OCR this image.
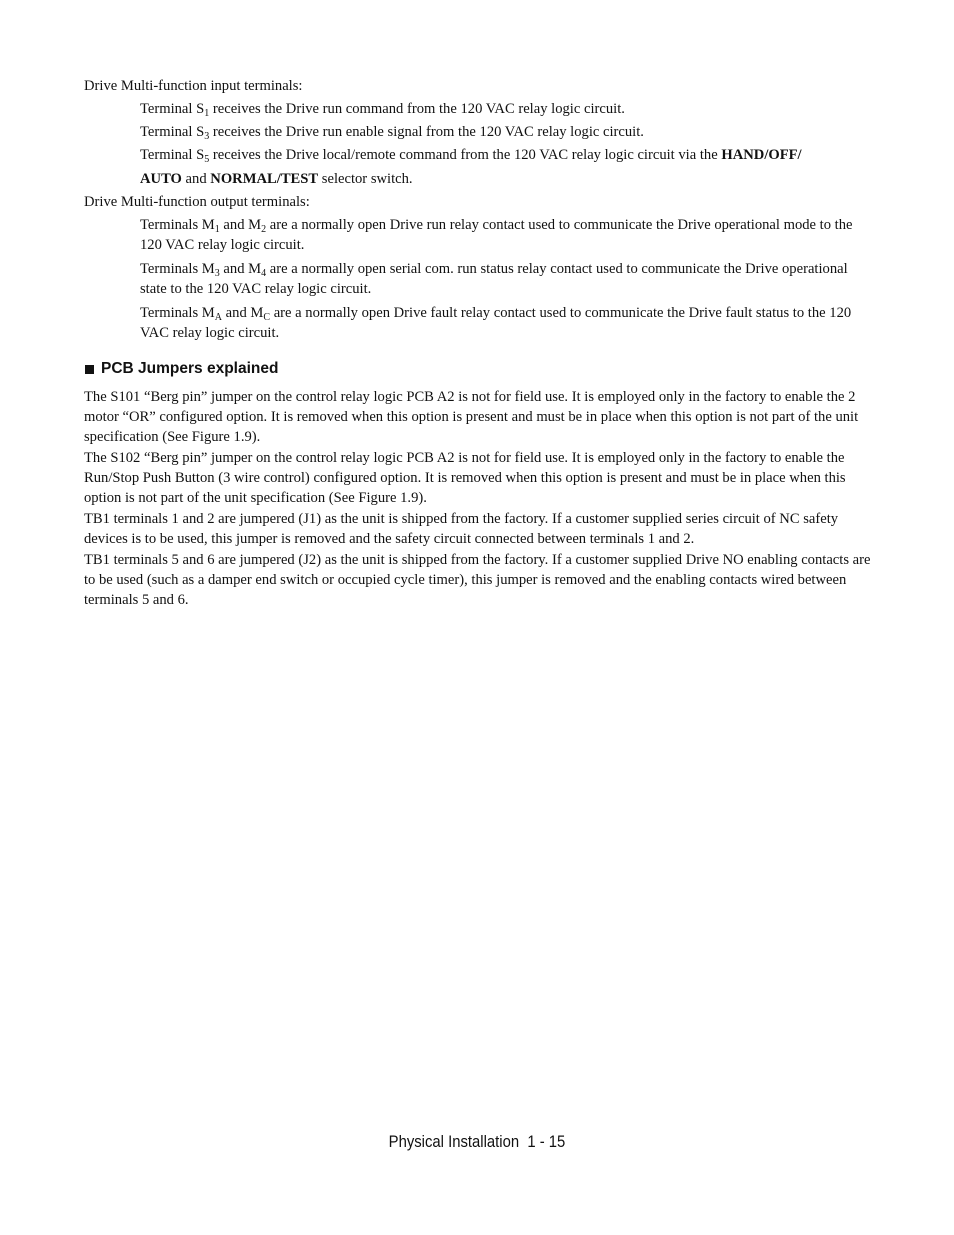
Drive Multi-function input terminals:

Terminal $S_1$ receives the Drive run command from the 120 VAC relay logic circuit.

Terminal $S_3$ receives the Drive run enable signal from the 120 VAC relay logic circuit.

Terminal $S_5$ receives the Drive local/remote command from the 120 VAC relay logic circuit via the HAND/OFF/

AUTO and NORMAL/TEST selector switch.

Drive Multi-function output terminals:

Terminals $M_1$ and $M_2$ are a normally open Drive run relay contact used to communicate the Drive operational mode to the 120 VAC relay logic circuit.

Terminals $M_3$ and $M_4$ are a normally open serial com. run status relay contact used to communicate the Drive operational state to the 120 VAC relay logic circuit.

Terminals $M_A$ and $M_C$ are a normally open Drive fault relay contact used to communicate the Drive fault status to the 120 VAC relay logic circuit.

PCB Jumpers explained

The S101 “Berg pin” jumper on the control relay logic PCB A2 is not for field use. It is employed only in the factory to enable the 2 motor “OR” configured option. It is removed when this option is present and must be in place when this option is not part of the unit specification (See Figure 1.9).

The S102 “Berg pin” jumper on the control relay logic PCB A2 is not for field use. It is employed only in the factory to enable the Run/Stop Push Button (3 wire control) configured option. It is removed when this option is present and must be in place when this option is not part of the unit specification (See Figure 1.9).

TB1 terminals 1 and 2 are jumpered (J1) as the unit is shipped from the factory. If a customer supplied series circuit of NC safety devices is to be used, this jumper is removed and the safety circuit connected between terminals 1 and 2.

TB1 terminals 5 and 6 are jumpered (J2) as the unit is shipped from the factory. If a customer supplied Drive NO enabling contacts are to be used (such as a damper end switch or occupied cycle timer), this jumper is removed and the enabling contacts wired between terminals 5 and 6.

Physical Installation  1 - 15
